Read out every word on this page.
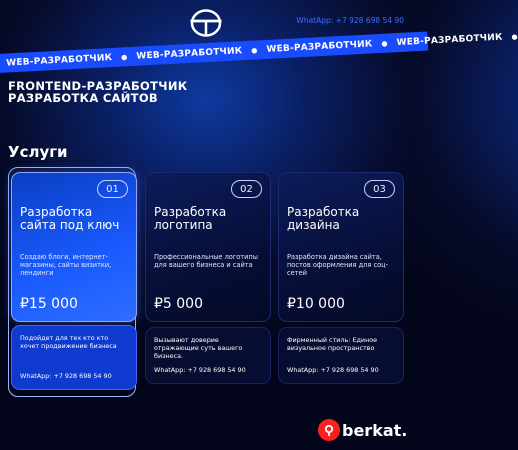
WhatApp: +7 928 698 54 90
WEB-РАЗРАБОТЧИК ● WEB-РАЗРАБОТЧИК ● WEB-РАЗРАБОТЧИК ● WEB-РАЗРАБОТЧИК ●
FRONTEND-РАЗРАБОТЧИК
РАЗРАБОТКА САЙТОВ
Услуги
01
Разработка сайта под ключ
Создаю блоги, интернет-магазины, сайты визитки, лендинги
₽15 000
02
Разработка логотипа
Профессиональные логотипы для вашего бизнеса и сайта
₽5 000
03
Разработка дизайна
Разработка дизайна сайта, постов оформления для соц-сетей
₽10 000
Подойдет для тех кто кто хочет продвижение бизнеса
WhatApp: +7 928 698 54 90
Вызывают доверие отражающие суть вашего бизнеса.
WhatApp: +7 928 698 54 90
Фирменный стиль: Единое визуальное пространство
WhatApp: +7 928 698 54 90
berkat.
